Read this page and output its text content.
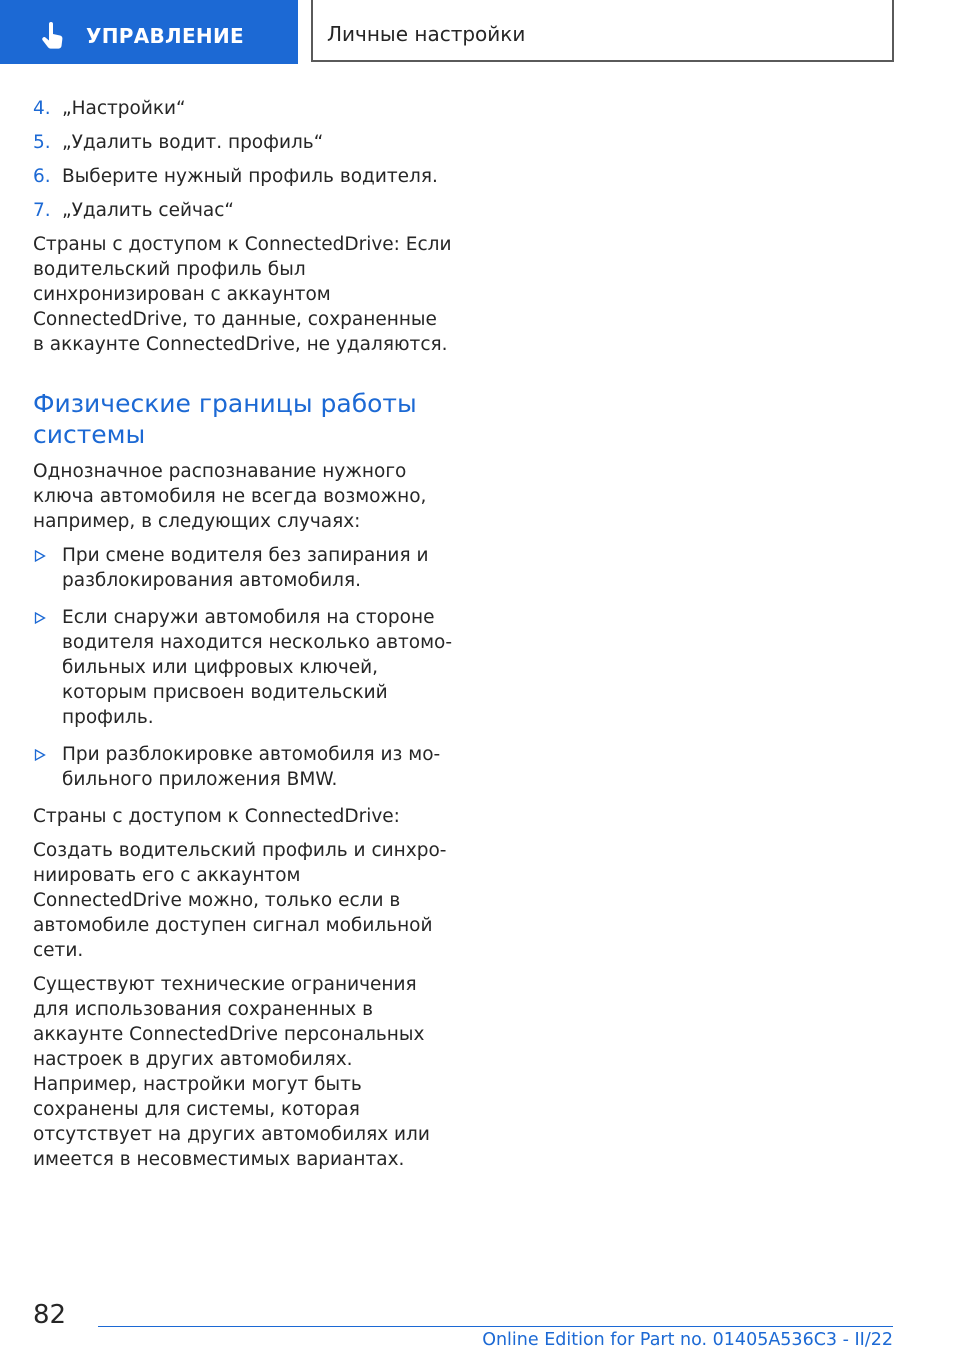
УПРАВЛЕНИЕ	Личные настройки
4. „Настройки“
5. „Удалить водит. профиль“
6. Выберите нужный профиль водителя.
7. „Удалить сейчас“

Страны с доступом к ConnectedDrive: Если водительский профиль был синхронизирован с аккаунтом ConnectedDrive, то данные, сохраненные в аккаунте ConnectedDrive, не удаляются.

Физические границы работы системы

Однозначное распознавание нужного ключа автомобиля не всегда возможно, например, в следующих случаях:

При смене водителя без запирания и разблокирования автомобиля.
Если снаружи автомобиля на стороне водителя находится несколько автомобильных или цифровых ключей, которым присвоен водительский профиль.
При разблокировке автомобиля из мобильного приложения BMW.

Страны с доступом к ConnectedDrive:

Создать водительский профиль и синхрониировать его с аккаунтом ConnectedDrive можно, только если в автомобиле доступен сигнал мобильной сети.

Существуют технические ограничения для использования сохраненных в аккаунте ConnectedDrive персональных настроек в других автомобилях. Например, настройки могут быть сохранены для системы, которая отсутствует на других автомобилях или имеется в несовместимых вариантах.

82
Online Edition for Part no. 01405A536C3 - II/22
